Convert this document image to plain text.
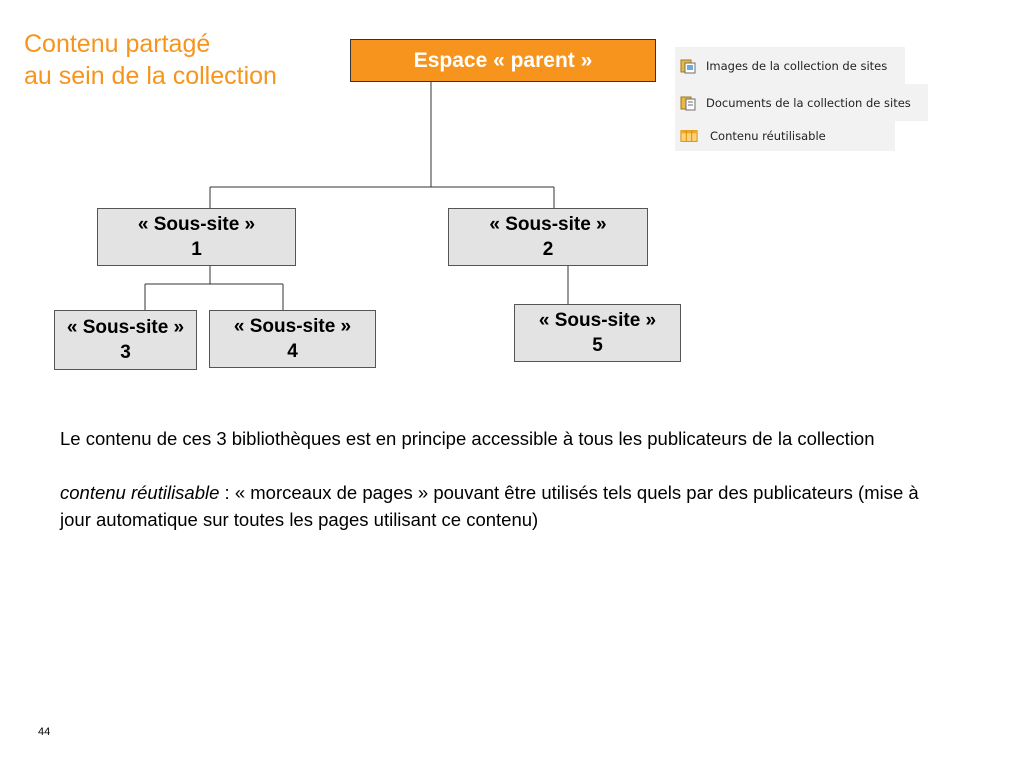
Contenu partagé
au sein de la collection
Espace « parent »
« Sous-site »
1
« Sous-site »
2
« Sous-site »
3
« Sous-site »
4
« Sous-site »
5
Images de la collection de sites
Documents de la collection de sites
Contenu réutilisable

Le contenu de ces 3 bibliothèques est en principe accessible à tous les publicateurs de la collection

contenu réutilisable : « morceaux de pages » pouvant être utilisés tels quels par des publicateurs (mise à jour automatique sur toutes les pages utilisant ce contenu)

44
